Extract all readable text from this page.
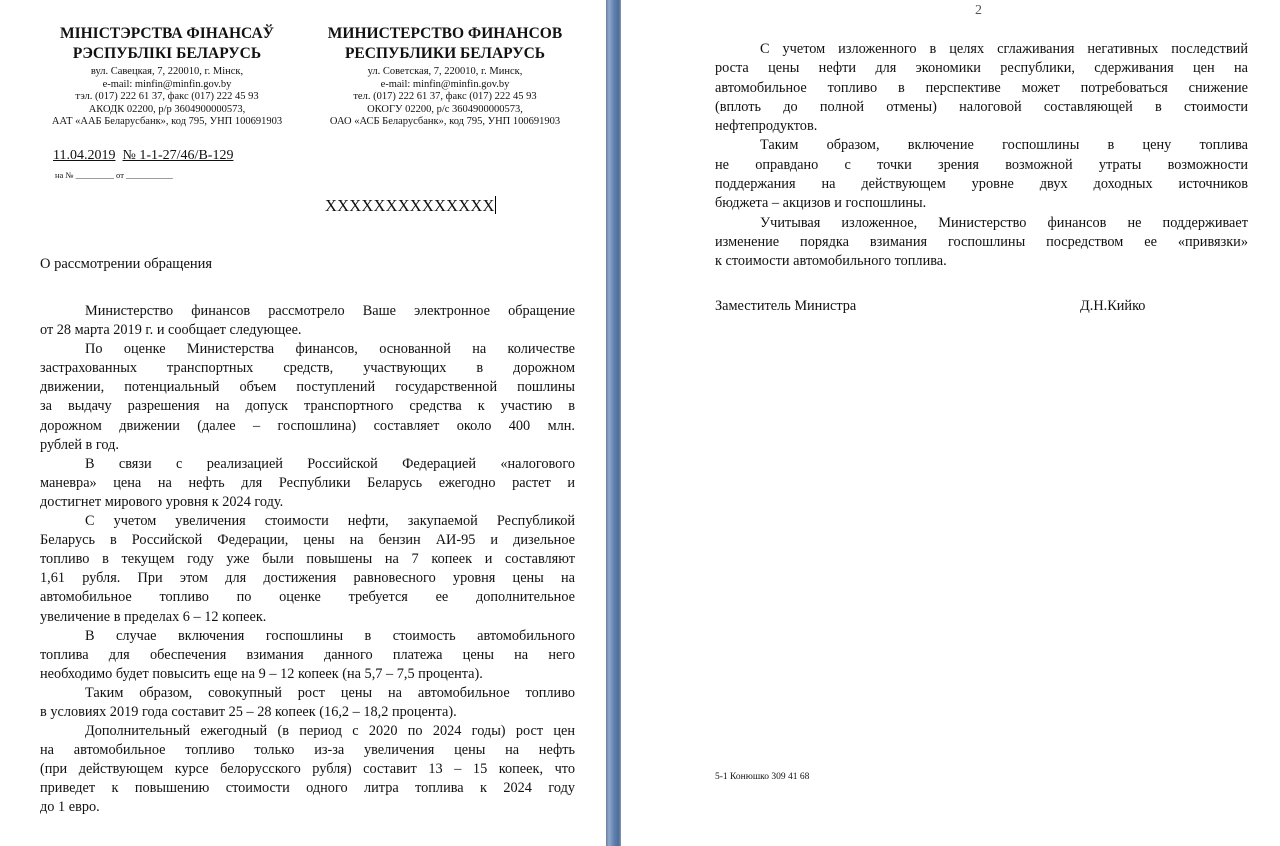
МІНІСТЭРСТВА ФІНАНСАЎ
РЭСПУБЛІКІ БЕЛАРУСЬ
вул. Савецкая, 7, 220010, г. Мінск,
e-mail: minfin@minfin.gov.by
тэл. (017) 222 61 37, факс (017) 222 45 93
АКОДК 02200, р/р 3604900000573,
ААТ «ААБ Беларусбанк», код 795, УНП 100691903
МИНИСТЕРСТВО ФИНАНСОВ
РЕСПУБЛИКИ БЕЛАРУСЬ
ул. Советская, 7, 220010, г. Минск,
e-mail: minfin@minfin.gov.by
тел. (017) 222 61 37, факс (017) 222 45 93
ОКОГУ 02200, р/с 3604900000573,
ОАО «АСБ Беларусбанк», код 795, УНП 100691903
11.04.2019 № 1-1-27/46/В-129
на № _________ от ___________
XXXXXXXXXXXXXX
О рассмотрении обращения
Министерство финансов рассмотрело Ваше электронное обращение
от 28 марта 2019 г. и сообщает следующее.
По оценке Министерства финансов, основанной на количестве
застрахованных транспортных средств, участвующих в дорожном
движении, потенциальный объем поступлений государственной пошлины
за выдачу разрешения на допуск транспортного средства к участию в
дорожном движении (далее – госпошлина) составляет около 400 млн.
рублей в год.
В связи с реализацией Российской Федерацией «налогового
маневра» цена на нефть для Республики Беларусь ежегодно растет и
достигнет мирового уровня к 2024 году.
С учетом увеличения стоимости нефти, закупаемой Республикой
Беларусь в Российской Федерации, цены на бензин АИ-95 и дизельное
топливо в текущем году уже были повышены на 7 копеек и составляют
1,61 рубля. При этом для достижения равновесного уровня цены на
автомобильное топливо по оценке требуется ее дополнительное
увеличение в пределах 6 – 12 копеек.
В случае включения госпошлины в стоимость автомобильного
топлива для обеспечения взимания данного платежа цены на него
необходимо будет повысить еще на 9 – 12 копеек (на 5,7 – 7,5 процента).
Таким образом, совокупный рост цены на автомобильное топливо
в условиях 2019 года составит 25 – 28 копеек (16,2 – 18,2 процента).
Дополнительный ежегодный (в период с 2020 по 2024 годы) рост цен
на автомобильное топливо только из-за увеличения цены на нефть
(при действующем курсе белорусского рубля) составит 13 – 15 копеек, что
приведет к повышению стоимости одного литра топлива к 2024 году
до 1 евро.
2
С учетом изложенного в целях сглаживания негативных последствий
роста цены нефти для экономики республики, сдерживания цен на
автомобильное топливо в перспективе может потребоваться снижение
(вплоть до полной отмены) налоговой составляющей в стоимости
нефтепродуктов.
Таким образом, включение госпошлины в цену топлива
не оправдано с точки зрения возможной утраты возможности
поддержания на действующем уровне двух доходных источников
бюджета – акцизов и госпошлины.
Учитывая изложенное, Министерство финансов не поддерживает
изменение порядка взимания госпошлины посредством ее «привязки»
к стоимости автомобильного топлива.
Заместитель Министра	Д.Н.Кийко
5-1 Конюшко 309 41 68
